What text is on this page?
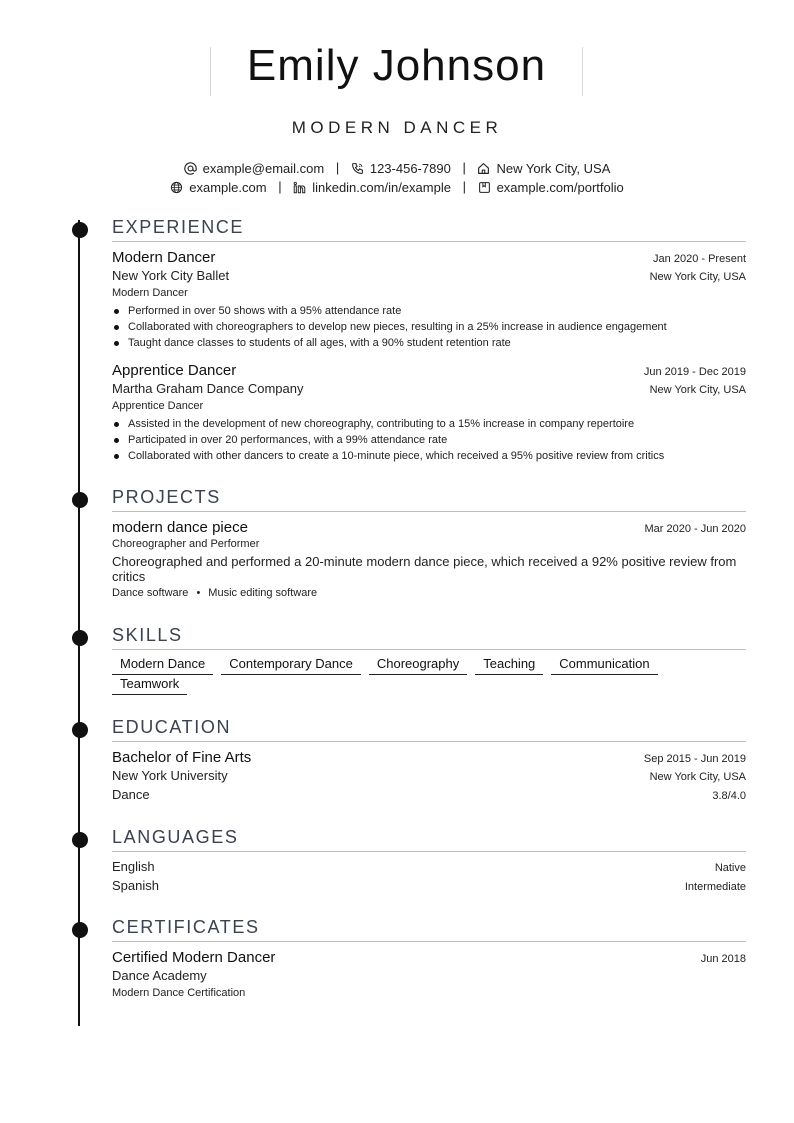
Emily Johnson
MODERN DANCER
example@email.com | 123-456-7890 | New York City, USA
example.com | linkedin.com/in/example | example.com/portfolio
EXPERIENCE
Modern Dancer	Jan 2020 - Present
New York City Ballet	New York City, USA
Modern Dancer
Performed in over 50 shows with a 95% attendance rate
Collaborated with choreographers to develop new pieces, resulting in a 25% increase in audience engagement
Taught dance classes to students of all ages, with a 90% student retention rate
Apprentice Dancer	Jun 2019 - Dec 2019
Martha Graham Dance Company	New York City, USA
Apprentice Dancer
Assisted in the development of new choreography, contributing to a 15% increase in company repertoire
Participated in over 20 performances, with a 99% attendance rate
Collaborated with other dancers to create a 10-minute piece, which received a 95% positive review from critics
PROJECTS
modern dance piece	Mar 2020 - Jun 2020
Choreographer and Performer
Choreographed and performed a 20-minute modern dance piece, which received a 92% positive review from critics
Dance software • Music editing software
SKILLS
Modern Dance	Contemporary Dance	Choreography	Teaching	Communication
Teamwork
EDUCATION
Bachelor of Fine Arts	Sep 2015 - Jun 2019
New York University	New York City, USA
Dance	3.8/4.0
LANGUAGES
English	Native
Spanish	Intermediate
CERTIFICATES
Certified Modern Dancer	Jun 2018
Dance Academy
Modern Dance Certification
